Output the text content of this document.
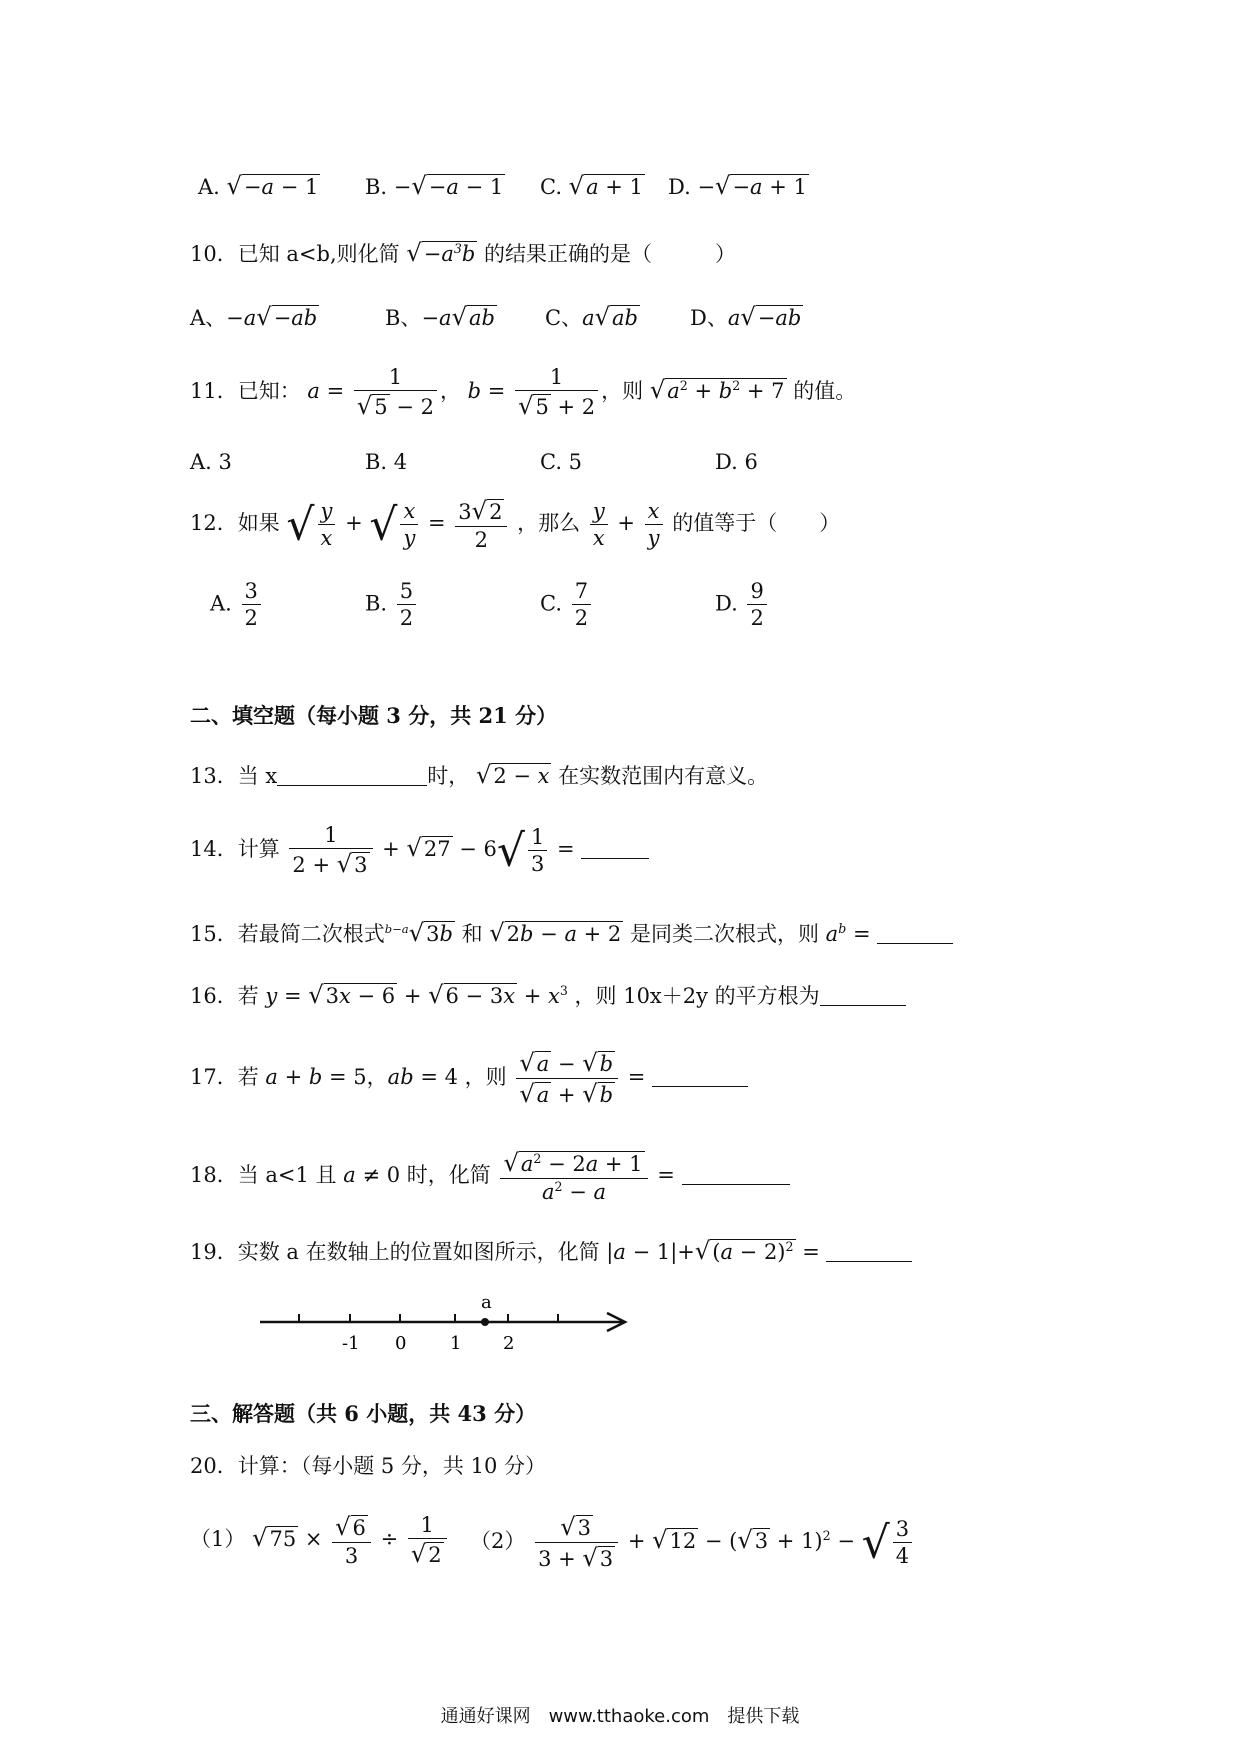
A. √−a − 1 B. −√−a − 1 C. √a + 1 D. −√−a + 1
10．已知 a<b,则化简 $√-a^3b$ 的结果正确的是（　　　）
A、−a√−ab	B、−a√ab C、a√ab D、a√−ab
11．已知： $a = \frac{1}{√5 - 2}$ ， $b = \frac{1}{√5 + 2}$ ，则 $√a^2 + b^2 + 7$ 的值。
A. 3	B. 4	C. 5	D. 6
12．如果 √ $\frac{y}{x}$ + √ $\frac{x}{y} = \frac{3√2}{2}$ ，那么 $\frac{y}{x} + \frac{x}{y}$ 的值等于（　　）
A. $\frac{3}{2}$	B. $\frac{5}{2}$	C. $\frac{7}{2}$	D. $\frac{9}{2}$
二、填空题（每小题 3 分，共 21 分）
13．当 x	时， √2 − x 在实数范围内有意义。
14．计算 $\frac{1}{2 + √3} + √27 - 6√ \frac{1}{3}$ =
15．若最简二次根式$^{b-a}$√3b 和 √2b − a + 2 是同类二次根式，则 $a^b$ =
16．若 $y = √3x - 6 + √6 - 3x + x^3$ ，则 10x＋2y 的平方根为
17．若 a + b = 5，ab = 4 ，则 $\frac{√a - √b}{√a + √b}$ =
18．当 a<1 且 a ≠ 0 时，化简 $\frac{√a^2 - 2a + 1}{a^2 - a}$ =
19．实数 a 在数轴上的位置如图所示，化简 $|a - 1|+√(a - 2)^2$ =
a
-1 0 1 2
三、解答题（共 6 小题，共 43 分）
20．计算：（每小题 5 分，共 10 分）
（1） $√75 \times \frac{√6}{3} \div \frac{1}{√2} (2) \frac{√3}{3 + √3} + √12 - (√3 + 1)^2$ − √ $\frac{3}{4}$
通通好课网　www.tthaoke.com　提供下载
